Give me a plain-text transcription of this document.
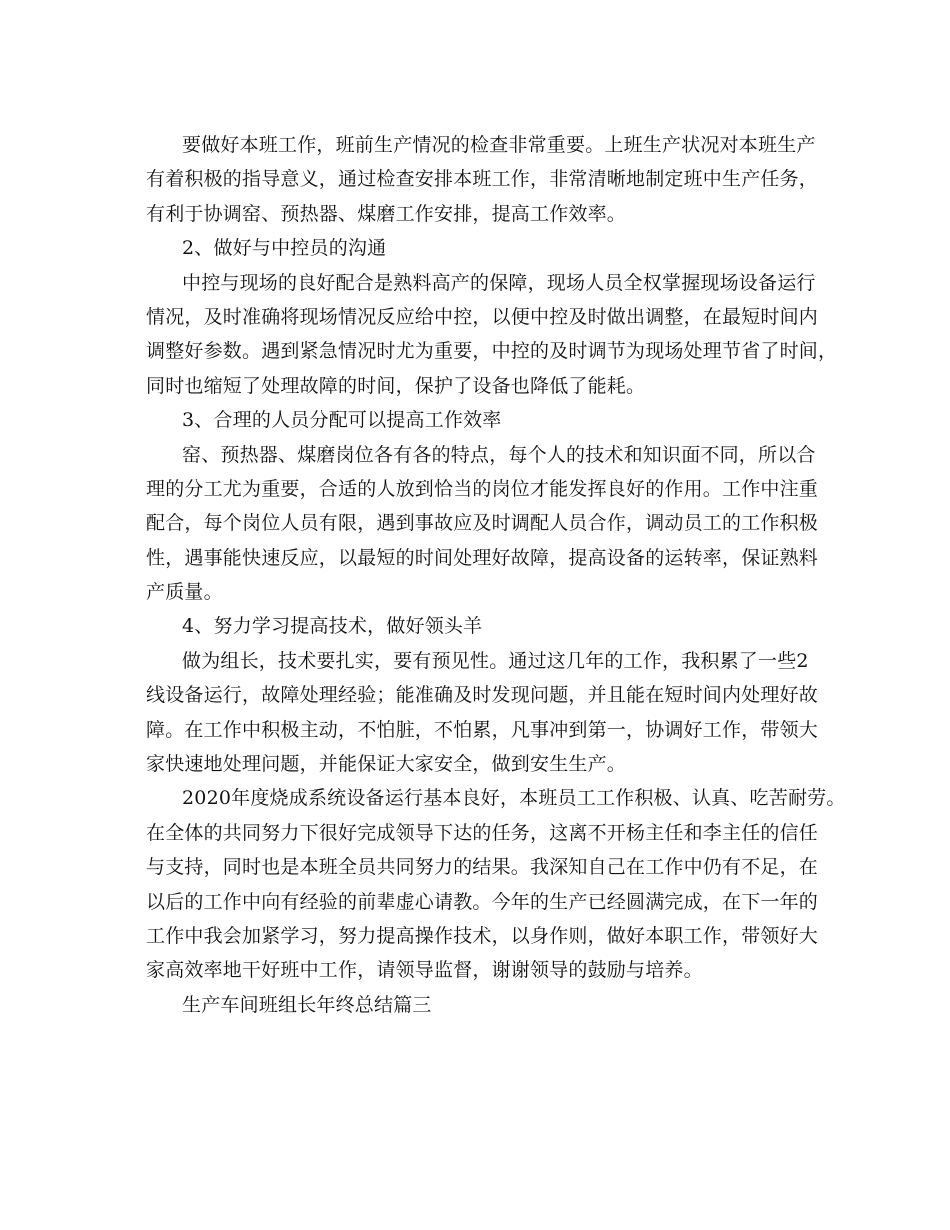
要做好本班工作，班前生产情况的检查非常重要。上班生产状况对本班生产
有着积极的指导意义，通过检查安排本班工作，非常清晰地制定班中生产任务，
有利于协调窑、预热器、煤磨工作安排，提高工作效率。
2、做好与中控员的沟通
中控与现场的良好配合是熟料高产的保障，现场人员全权掌握现场设备运行
情况，及时准确将现场情况反应给中控，以便中控及时做出调整，在最短时间内
调整好参数。遇到紧急情况时尤为重要，中控的及时调节为现场处理节省了时间，
同时也缩短了处理故障的时间，保护了设备也降低了能耗。
3、合理的人员分配可以提高工作效率
窑、预热器、煤磨岗位各有各的特点，每个人的技术和知识面不同，所以合
理的分工尤为重要，合适的人放到恰当的岗位才能发挥良好的作用。工作中注重
配合，每个岗位人员有限，遇到事故应及时调配人员合作，调动员工的工作积极
性，遇事能快速反应，以最短的时间处理好故障，提高设备的运转率，保证熟料
产质量。
4、努力学习提高技术，做好领头羊
做为组长，技术要扎实，要有预见性。通过这几年的工作，我积累了一些2
线设备运行，故障处理经验；能准确及时发现问题，并且能在短时间内处理好故
障。在工作中积极主动，不怕脏，不怕累，凡事冲到第一，协调好工作，带领大
家快速地处理问题，并能保证大家安全，做到安生生产。
2020年度烧成系统设备运行基本良好，本班员工工作积极、认真、吃苦耐劳。
在全体的共同努力下很好完成领导下达的任务，这离不开杨主任和李主任的信任
与支持，同时也是本班全员共同努力的结果。我深知自己在工作中仍有不足，在
以后的工作中向有经验的前辈虚心请教。今年的生产已经圆满完成，在下一年的
工作中我会加紧学习，努力提高操作技术，以身作则，做好本职工作，带领好大
家高效率地干好班中工作，请领导监督，谢谢领导的鼓励与培养。
生产车间班组长年终总结篇三
